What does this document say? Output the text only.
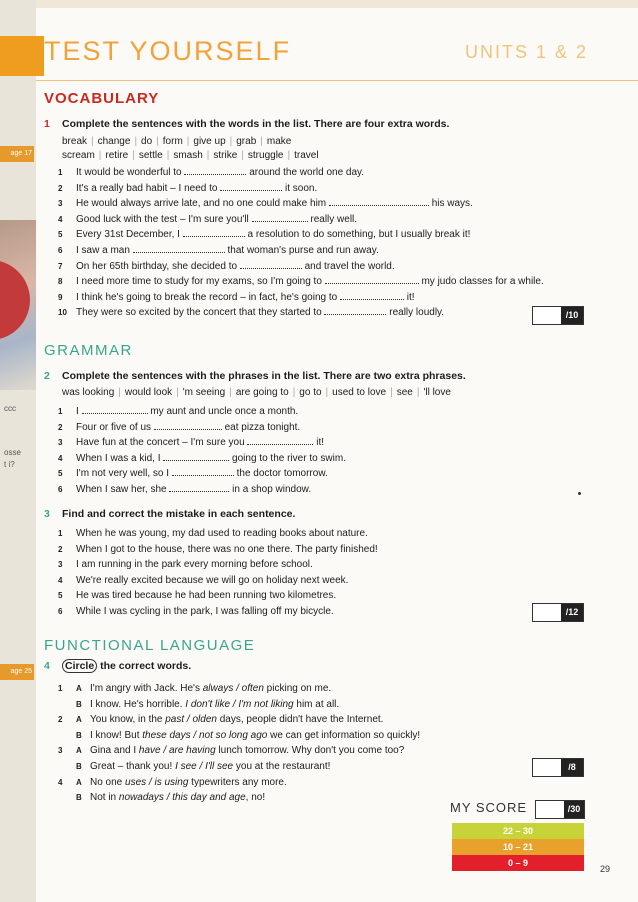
age 17
age 25
ccc
osse
t i?
TEST YOURSELF	UNITS 1 & 2
VOCABULARY
1 Complete the sentences with the words in the list. There are four extra words.
break | change | do | form | give up | grab | make
scream | retire | settle | smash | strike | struggle | travel
1 It would be wonderful to	around the world one day.
2 It's a really bad habit – I need to	it soon.
3 He would always arrive late, and no one could make him	his ways.
4 Good luck with the test – I'm sure you'll	really well.
5 Every 31st December, I	a resolution to do something, but I usually break it!
6 I saw a man	that woman's purse and run away.
7 On her 65th birthday, she decided to	and travel the world.
8 I need more time to study for my exams, so I'm going to	my judo classes for a while.
9 I think he's going to break the record – in fact, he's going to	it!
10 They were so excited by the concert that they started to	really loudly.	/10
GRAMMAR
2 Complete the sentences with the phrases in the list. There are two extra phrases.
was looking | would look | 'm seeing | are going to | go to | used to love | see | 'll love
1 I	my aunt and uncle once a month.
2 Four or five of us	eat pizza tonight.
3 Have fun at the concert – I'm sure you	it!
4 When I was a kid, I	going to the river to swim.
5 I'm not very well, so I	the doctor tomorrow.
6 When I saw her, she	in a shop window.
3 Find and correct the mistake in each sentence.
1 When he was young, my dad used to reading books about nature.
2 When I got to the house, there was no one there. The party finished!
3 I am running in the park every morning before school.
4 We're really excited because we will go on holiday next week.
5 He was tired because he had been running two kilometres.
6 While I was cycling in the park, I was falling off my bicycle.	/12
FUNCTIONAL LANGUAGE
4 Circle the correct words.
1 A I'm angry with Jack. He's always / often picking on me.
B I know. He's horrible. I don't like / I'm not liking him at all.
2 A You know, in the past / olden days, people didn't have the Internet.
B I know! But these days / not so long ago we can get information so quickly!
3 A Gina and I have / are having lunch tomorrow. Why don't you come too?
B Great – thank you! I see / I'll see you at the restaurant!
4 A No one uses / is using typewriters any more.
B Not in nowadays / this day and age, no!
/8
MY SCORE	/30
22 – 30
10 – 21
0 – 9
29
